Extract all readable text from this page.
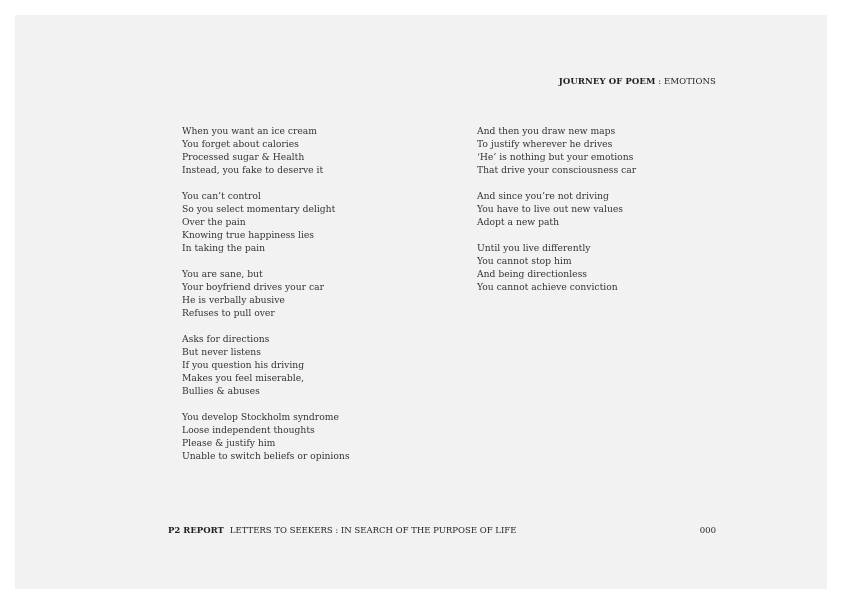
JOURNEY OF POEM : EMOTIONS
When you want an ice cream
You forget about calories
Processed sugar & Health
Instead, you fake to deserve it
You can’t control
So you select momentary delight
Over the pain
Knowing true happiness lies
In taking the pain
You are sane, but
Your boyfriend drives your car
He is verbally abusive
Refuses to pull over
Asks for directions
But never listens
If you question his driving
Makes you feel miserable,
Bullies & abuses
You develop Stockholm syndrome
Loose independent thoughts
Please & justify him
Unable to switch beliefs or opinions
And then you draw new maps
To justify wherever he drives
‘He’ is nothing but your emotions
That drive your consciousness car
And since you’re not driving
You have to live out new values
Adopt a new path
Until you live differently
You cannot stop him
And being directionless
You cannot achieve conviction
P2 REPORT LETTERS TO SEEKERS : IN SEARCH OF THE PURPOSE OF LIFE	000
